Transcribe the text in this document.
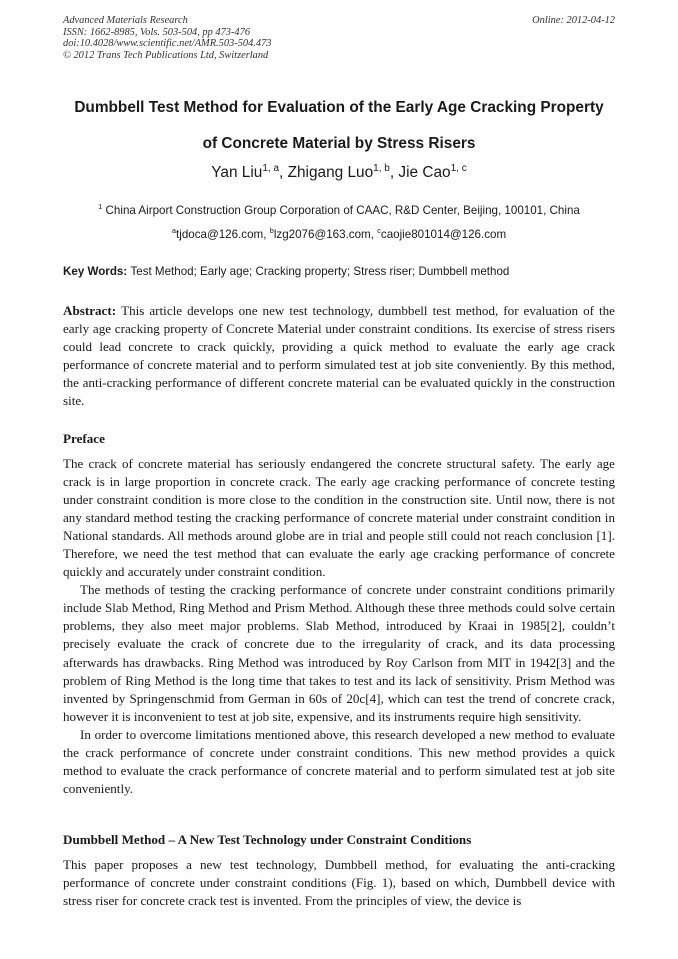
Advanced Materials Research
ISSN: 1662-8985, Vols. 503-504, pp 473-476
doi:10.4028/www.scientific.net/AMR.503-504.473
© 2012 Trans Tech Publications Ltd, Switzerland
Online: 2012-04-12
Dumbbell Test Method for Evaluation of the Early Age Cracking Property
of Concrete Material by Stress Risers
Yan Liu$^{1, a}$, Zhigang Luo$^{1, b}$, Jie Cao$^{1, c}$
$^1$ China Airport Construction Group Corporation of CAAC, R&D Center, Beijing, 100101, China
$^a$tjdoca@126.com, $^b$lzg2076@163.com, $^c$caojie801014@126.com
Key Words: Test Method; Early age; Cracking property; Stress riser; Dumbbell method

Abstract: This article develops one new test technology, dumbbell test method, for evaluation of the early age cracking property of Concrete Material under constraint conditions. Its exercise of stress risers could lead concrete to crack quickly, providing a quick method to evaluate the early age crack performance of concrete material and to perform simulated test at job site conveniently. By this method, the anti-cracking performance of different concrete material can be evaluated quickly in the construction site.

Preface

The crack of concrete material has seriously endangered the concrete structural safety. The early age crack is in large proportion in concrete crack. The early age cracking performance of concrete testing under constraint condition is more close to the condition in the construction site. Until now, there is not any standard method testing the cracking performance of concrete material under constraint condition in National standards. All methods around globe are in trial and people still could not reach conclusion [1]. Therefore, we need the test method that can evaluate the early age cracking performance of concrete quickly and accurately under constraint condition.

The methods of testing the cracking performance of concrete under constraint conditions primarily include Slab Method, Ring Method and Prism Method. Although these three methods could solve certain problems, they also meet major problems. Slab Method, introduced by Kraai in 1985[2], couldn’t precisely evaluate the crack of concrete due to the irregularity of crack, and its data processing afterwards has drawbacks. Ring Method was introduced by Roy Carlson from MIT in 1942[3] and the problem of Ring Method is the long time that takes to test and its lack of sensitivity. Prism Method was invented by Springenschmid from German in 60s of 20c[4], which can test the trend of concrete crack, however it is inconvenient to test at job site, expensive, and its instruments require high sensitivity.

In order to overcome limitations mentioned above, this research developed a new method to evaluate the crack performance of concrete under constraint conditions. This new method provides a quick method to evaluate the crack performance of concrete material and to perform simulated test at job site conveniently.

Dumbbell Method – A New Test Technology under Constraint Conditions

This paper proposes a new test technology, Dumbbell method, for evaluating the anti-cracking performance of concrete under constraint conditions (Fig. 1), based on which, Dumbbell device with stress riser for concrete crack test is invented. From the principles of view, the device is
